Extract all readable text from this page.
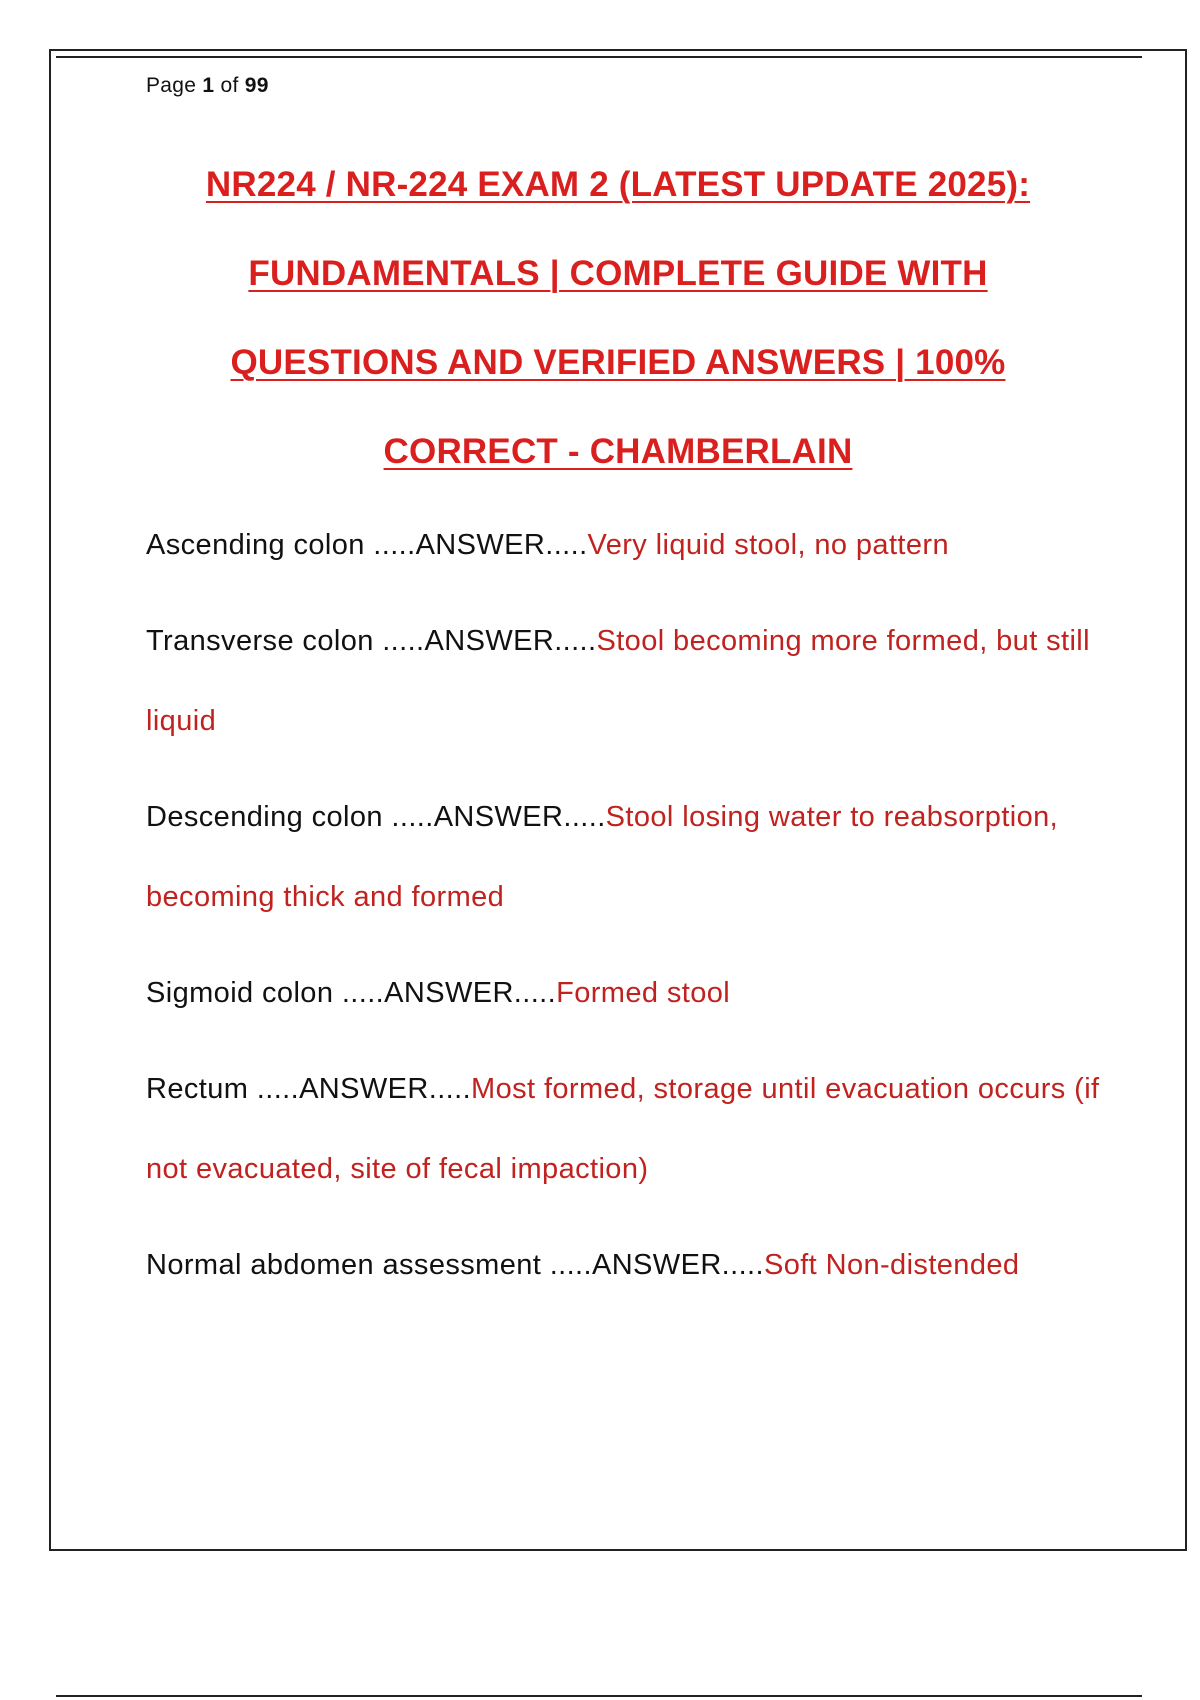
Page 1 of 99
NR224 / NR-224 EXAM 2 (LATEST UPDATE 2025):
FUNDAMENTALS | COMPLETE GUIDE WITH
QUESTIONS AND VERIFIED ANSWERS | 100%
CORRECT - CHAMBERLAIN
Ascending colon .....ANSWER.....Very liquid stool, no pattern
Transverse colon .....ANSWER.....Stool becoming more formed, but still liquid
Descending colon .....ANSWER.....Stool losing water to reabsorption, becoming thick and formed
Sigmoid colon .....ANSWER.....Formed stool
Rectum .....ANSWER.....Most formed, storage until evacuation occurs (if not evacuated, site of fecal impaction)
Normal abdomen assessment .....ANSWER.....Soft Non-distended
